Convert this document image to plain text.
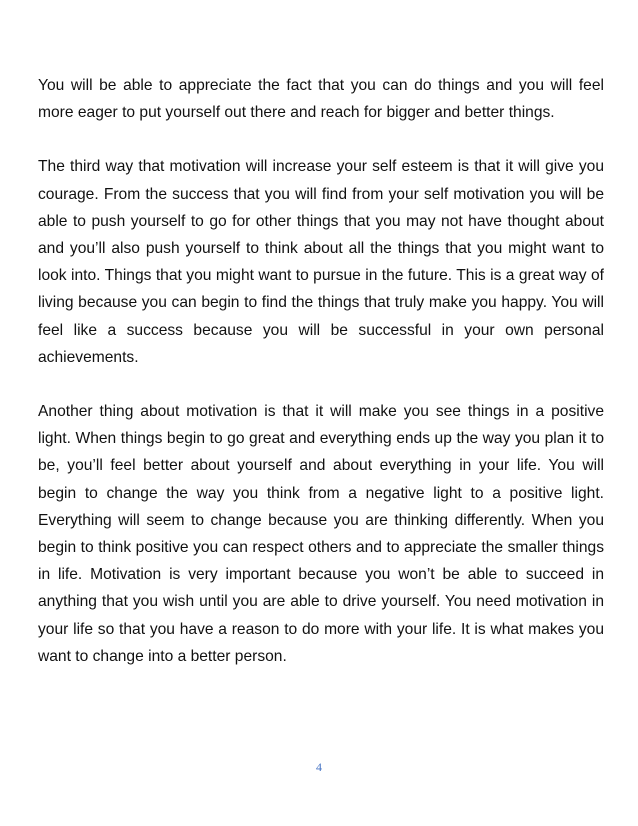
You will be able to appreciate the fact that you can do things and you will feel more eager to put yourself out there and reach for bigger and better things.

The third way that motivation will increase your self esteem is that it will give you courage. From the success that you will find from your self motivation you will be able to push yourself to go for other things that you may not have thought about and you’ll also push yourself to think about all the things that you might want to look into. Things that you might want to pursue in the future. This is a great way of living because you can begin to find the things that truly make you happy. You will feel like a success because you will be successful in your own personal achievements.

Another thing about motivation is that it will make you see things in a positive light. When things begin to go great and everything ends up the way you plan it to be, you’ll feel better about yourself and about everything in your life. You will begin to change the way you think from a negative light to a positive light. Everything will seem to change because you are thinking differently. When you begin to think positive you can respect others and to appreciate the smaller things in life. Motivation is very important because you won’t be able to succeed in anything that you wish until you are able to drive yourself. You need motivation in your life so that you have a reason to do more with your life. It is what makes you want to change into a better person.

4
